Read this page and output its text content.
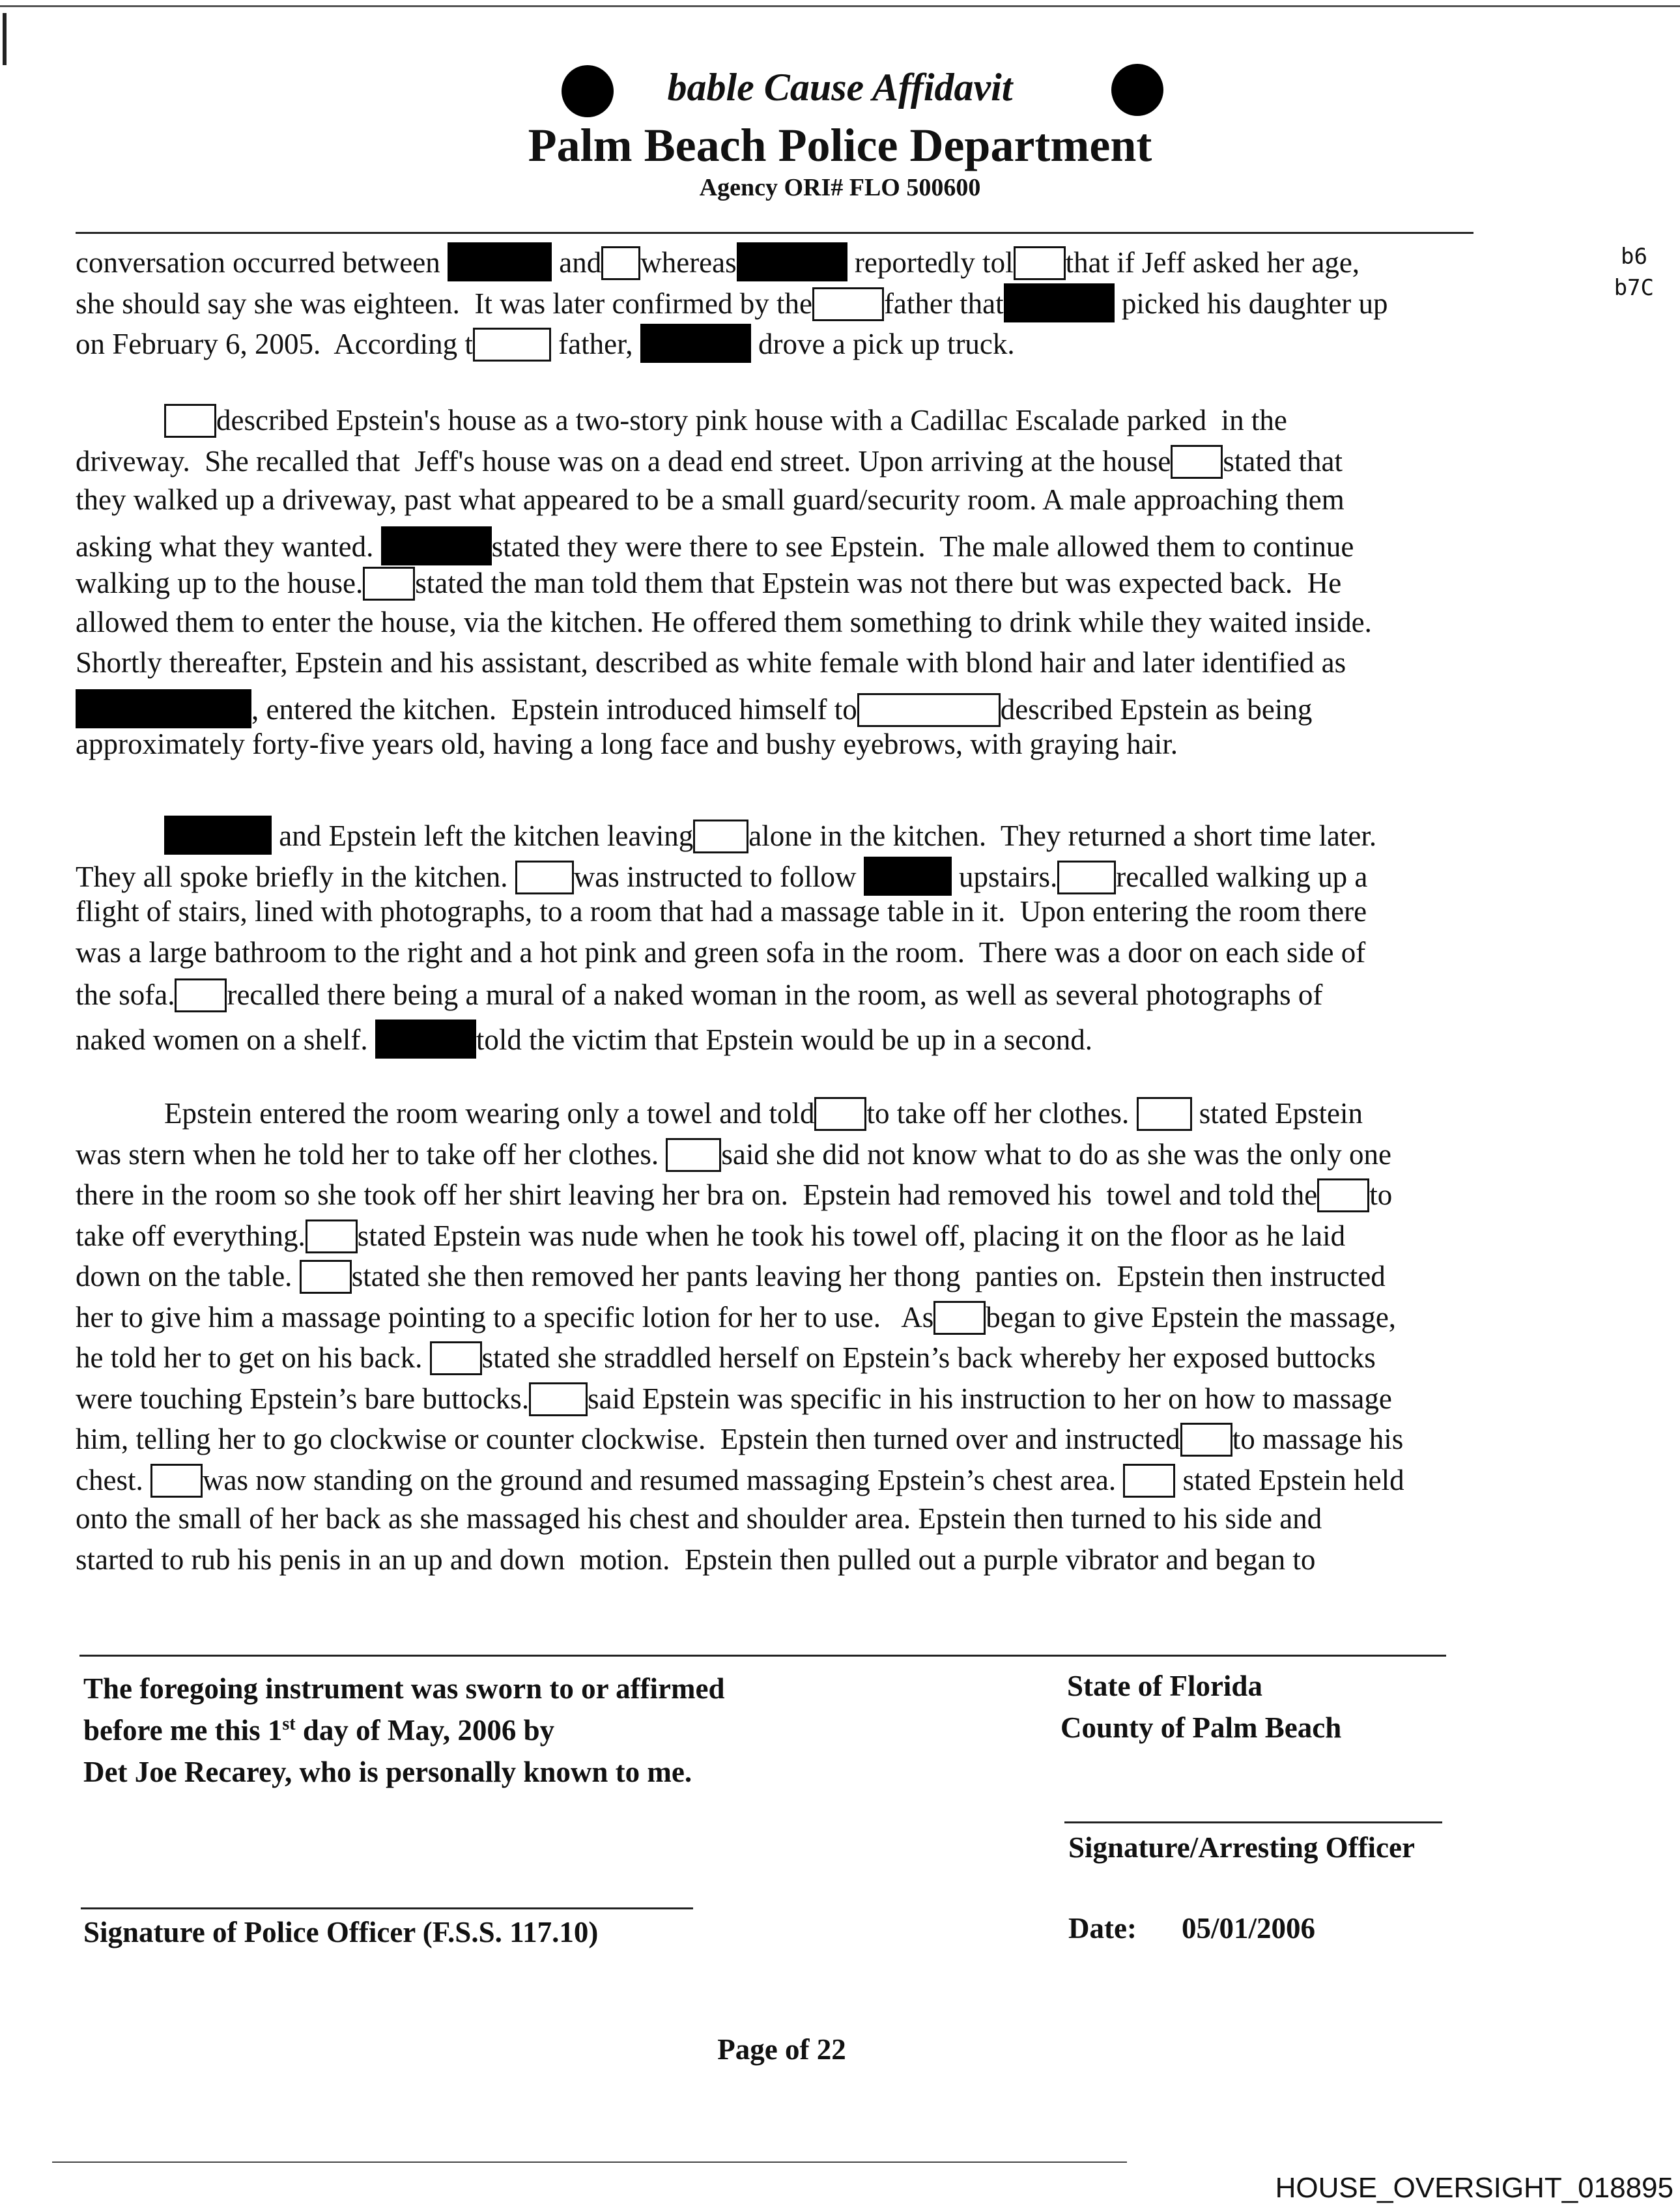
bable Cause Affidavit
Palm Beach Police Department
Agency ORI# FLO 500600
b6
b7C
conversation occurred between	and whereas	reportedly tol that if Jeff asked her age,
she should say she was eighteen.  It was later confirmed by the father that	picked his daughter up
on February 6, 2005.  According t	father,	drove a pick up truck.
described Epstein's house as a two-story pink house with a Cadillac Escalade parked  in the
driveway.  She recalled that  Jeff's house was on a dead end street. Upon arriving at the house stated that
they walked up a driveway, past what appeared to be a small guard/security room. A male approaching them
asking what they wanted.	stated they were there to see Epstein.  The male allowed them to continue
walking up to the house. stated the man told them that Epstein was not there but was expected back.  He
allowed them to enter the house, via the kitchen. He offered them something to drink while they waited inside.
Shortly thereafter, Epstein and his assistant, described as white female with blond hair and later identified as
, entered the kitchen.  Epstein introduced himself to	described Epstein as being
approximately forty-five years old, having a long face and bushy eyebrows, with graying hair.
and Epstein left the kitchen leaving alone in the kitchen.  They returned a short time later.
They all spoke briefly in the kitchen. was instructed to follow	upstairs. recalled walking up a
flight of stairs, lined with photographs, to a room that had a massage table in it.  Upon entering the room there
was a large bathroom to the right and a hot pink and green sofa in the room.  There was a door on each side of
the sofa. recalled there being a mural of a naked woman in the room, as well as several photographs of
naked women on a shelf.	told the victim that Epstein would be up in a second.
Epstein entered the room wearing only a towel and told to take off her clothes.  stated Epstein
was stern when he told her to take off her clothes. said she did not know what to do as she was the only one
there in the room so she took off her shirt leaving her bra on.  Epstein had removed his  towel and told the to
take off everything. stated Epstein was nude when he took his towel off, placing it on the floor as he laid
down on the table. stated she then removed her pants leaving her thong  panties on.  Epstein then instructed
her to give him a massage pointing to a specific lotion for her to use.   As began to give Epstein the massage,
he told her to get on his back. stated she straddled herself on Epstein’s back whereby her exposed buttocks
were touching Epstein’s bare buttocks. said Epstein was specific in his instruction to her on how to massage
him, telling her to go clockwise or counter clockwise.  Epstein then turned over and instructed to massage his
chest. was now standing on the ground and resumed massaging Epstein’s chest area.  stated Epstein held
onto the small of her back as she massaged his chest and shoulder area. Epstein then turned to his side and
started to rub his penis in an up and down  motion.  Epstein then pulled out a purple vibrator and began to
The foregoing instrument was sworn to or affirmed
before me this 1st day of May, 2006 by
Det Joe Recarey, who is personally known to me.
State of Florida
County of Palm Beach
Signature/Arresting Officer
Signature of Police Officer (F.S.S. 117.10)	Date: 05/01/2006
Page of 22
HOUSE_OVERSIGHT_018895
